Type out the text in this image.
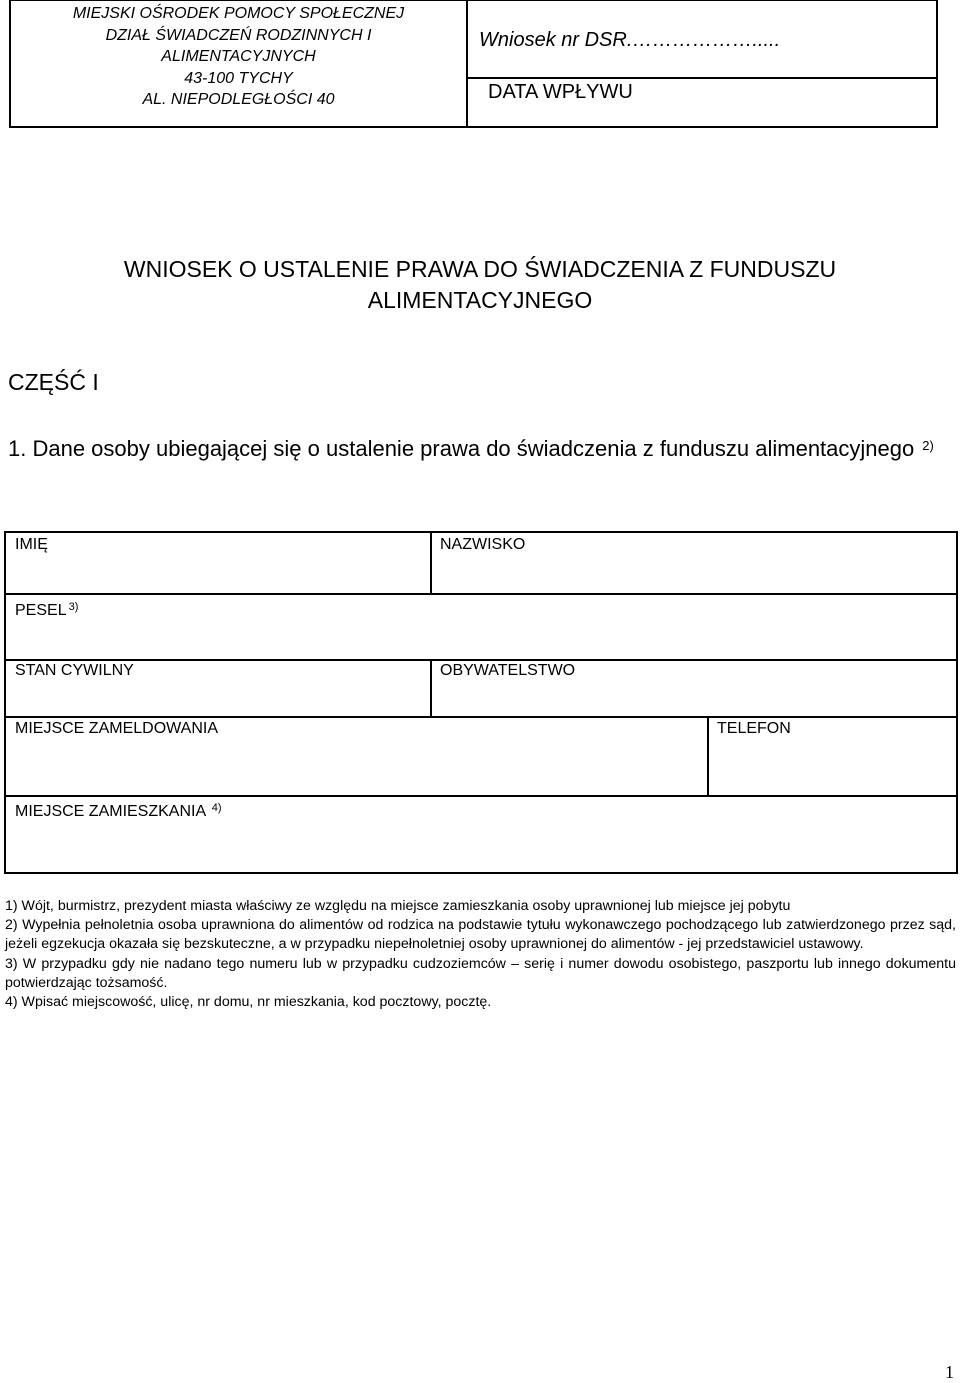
MIEJSKI OŚRODEK POMOCY SPOŁECZNEJ
DZIAŁ ŚWIADCZEŃ RODZINNYCH I
ALIMENTACYJNYCH
43-100 TYCHY
AL. NIEPODLEGŁOŚCI 40
Wniosek nr DSR.……………….....
DATA WPŁYWU
WNIOSEK O USTALENIE PRAWA DO ŚWIADCZENIA Z FUNDUSZU
ALIMENTACYJNEGO
CZĘŚĆ I
1. Dane osoby ubiegającej się o ustalenie prawa do świadczenia z funduszu alimentacyjnego $^{2)}$
IMIĘ	NAZWISKO
PESEL $^{3)}$
STAN CYWILNY	OBYWATELSTWO
MIEJSCE ZAMELDOWANIA	TELEFON
MIEJSCE ZAMIESZKANIA $^{4)}$

1) Wójt, burmistrz, prezydent miasta właściwy ze względu na miejsce zamieszkania osoby uprawnionej lub miejsce jej pobytu

2) Wypełnia pełnoletnia osoba uprawniona do alimentów od rodzica na podstawie tytułu wykonawczego pochodzącego lub zatwierdzonego przez sąd, jeżeli egzekucja okazała się bezskuteczne, a w przypadku niepełnoletniej osoby uprawnionej do alimentów - jej przedstawiciel ustawowy.

3) W przypadku gdy nie nadano tego numeru lub w przypadku cudzoziemców – serię i numer dowodu osobistego, paszportu lub innego dokumentu potwierdzając tożsamość.

4) Wpisać miejscowość, ulicę, nr domu, nr mieszkania, kod pocztowy, pocztę.

1
